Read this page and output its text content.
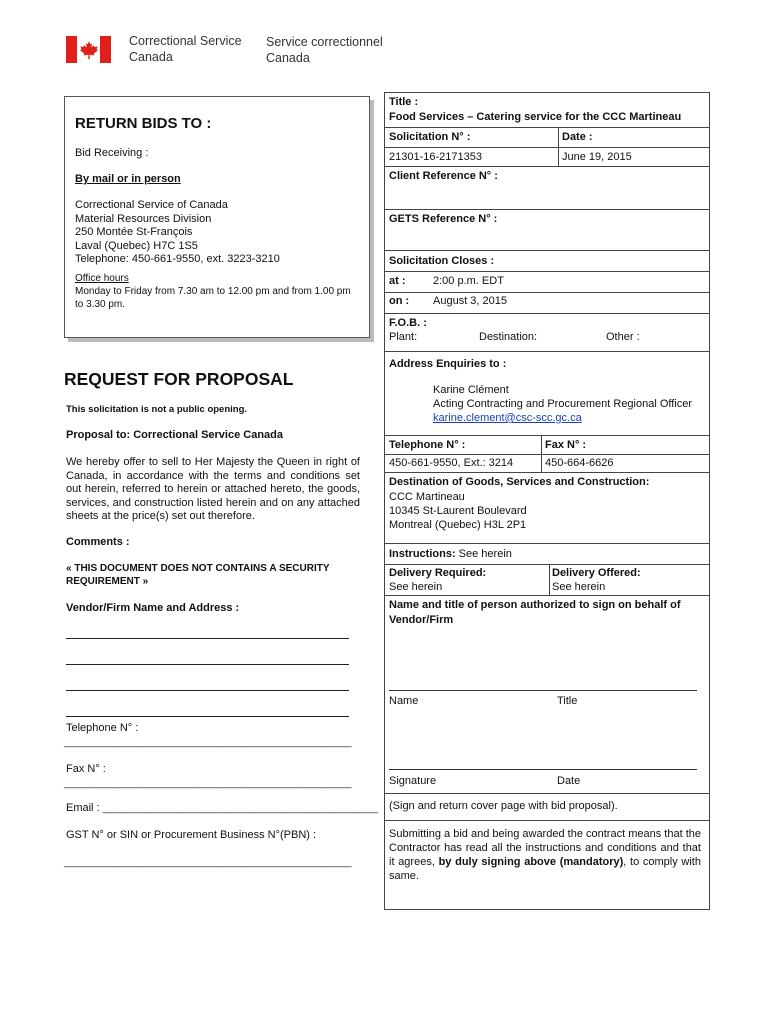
Correctional Service
Canada
Service correctionnel
Canada
RETURN BIDS TO :
Bid Receiving :
By mail or in person
Correctional Service of Canada
Material Resources Division
250 Montée St-François
Laval (Quebec) H7C 1S5
Telephone: 450-661-9550, ext. 3223-3210
Office hours
Monday to Friday from 7.30 am to 12.00 pm and from 1.00 pm to 3.30 pm.
REQUEST FOR PROPOSAL
This solicitation is not a public opening.
Proposal to: Correctional Service Canada
We hereby offer to sell to Her Majesty the Queen in right of Canada, in accordance with the terms and conditions set out herein, referred to herein or attached hereto, the goods, services, and construction listed herein and on any attached sheets at the price(s) set out therefore.
Comments :
« THIS DOCUMENT DOES NOT CONTAINS A SECURITY REQUIREMENT »
Vendor/Firm Name and Address :
Telephone N° :
_______________________________________________
Fax N° :
_______________________________________________
Email : _____________________________________________
GST N° or SIN or Procurement Business N°(PBN) :
_______________________________________________
Title :
Food Services – Catering service for the CCC Martineau
Solicitation N° :	Date :
21301-16-2171353	June 19, 2015
Client Reference N° :
GETS Reference N° :
Solicitation Closes :
at :	2:00 p.m. EDT
on : August 3, 2015
F.O.B. :
Plant:	Destination:	Other :
Address Enquiries to :
Karine Clément
Acting Contracting and Procurement Regional Officer
karine.clement@csc-scc.gc.ca
Telephone N° :	Fax N° :
450-661-9550, Ext.: 3214	450-664-6626
Destination of Goods, Services and Construction:
CCC Martineau
10345 St-Laurent Boulevard
Montreal (Quebec) H3L 2P1
Instructions: See herein
Delivery Required:
See herein
Delivery Offered:
See herein
Name and title of person authorized to sign on behalf of Vendor/Firm
Name	Title
Signature	Date
(Sign and return cover page with bid proposal).
Submitting a bid and being awarded the contract means that the Contractor has read all the instructions and conditions and that it agrees, by duly signing above (mandatory), to comply with same.
